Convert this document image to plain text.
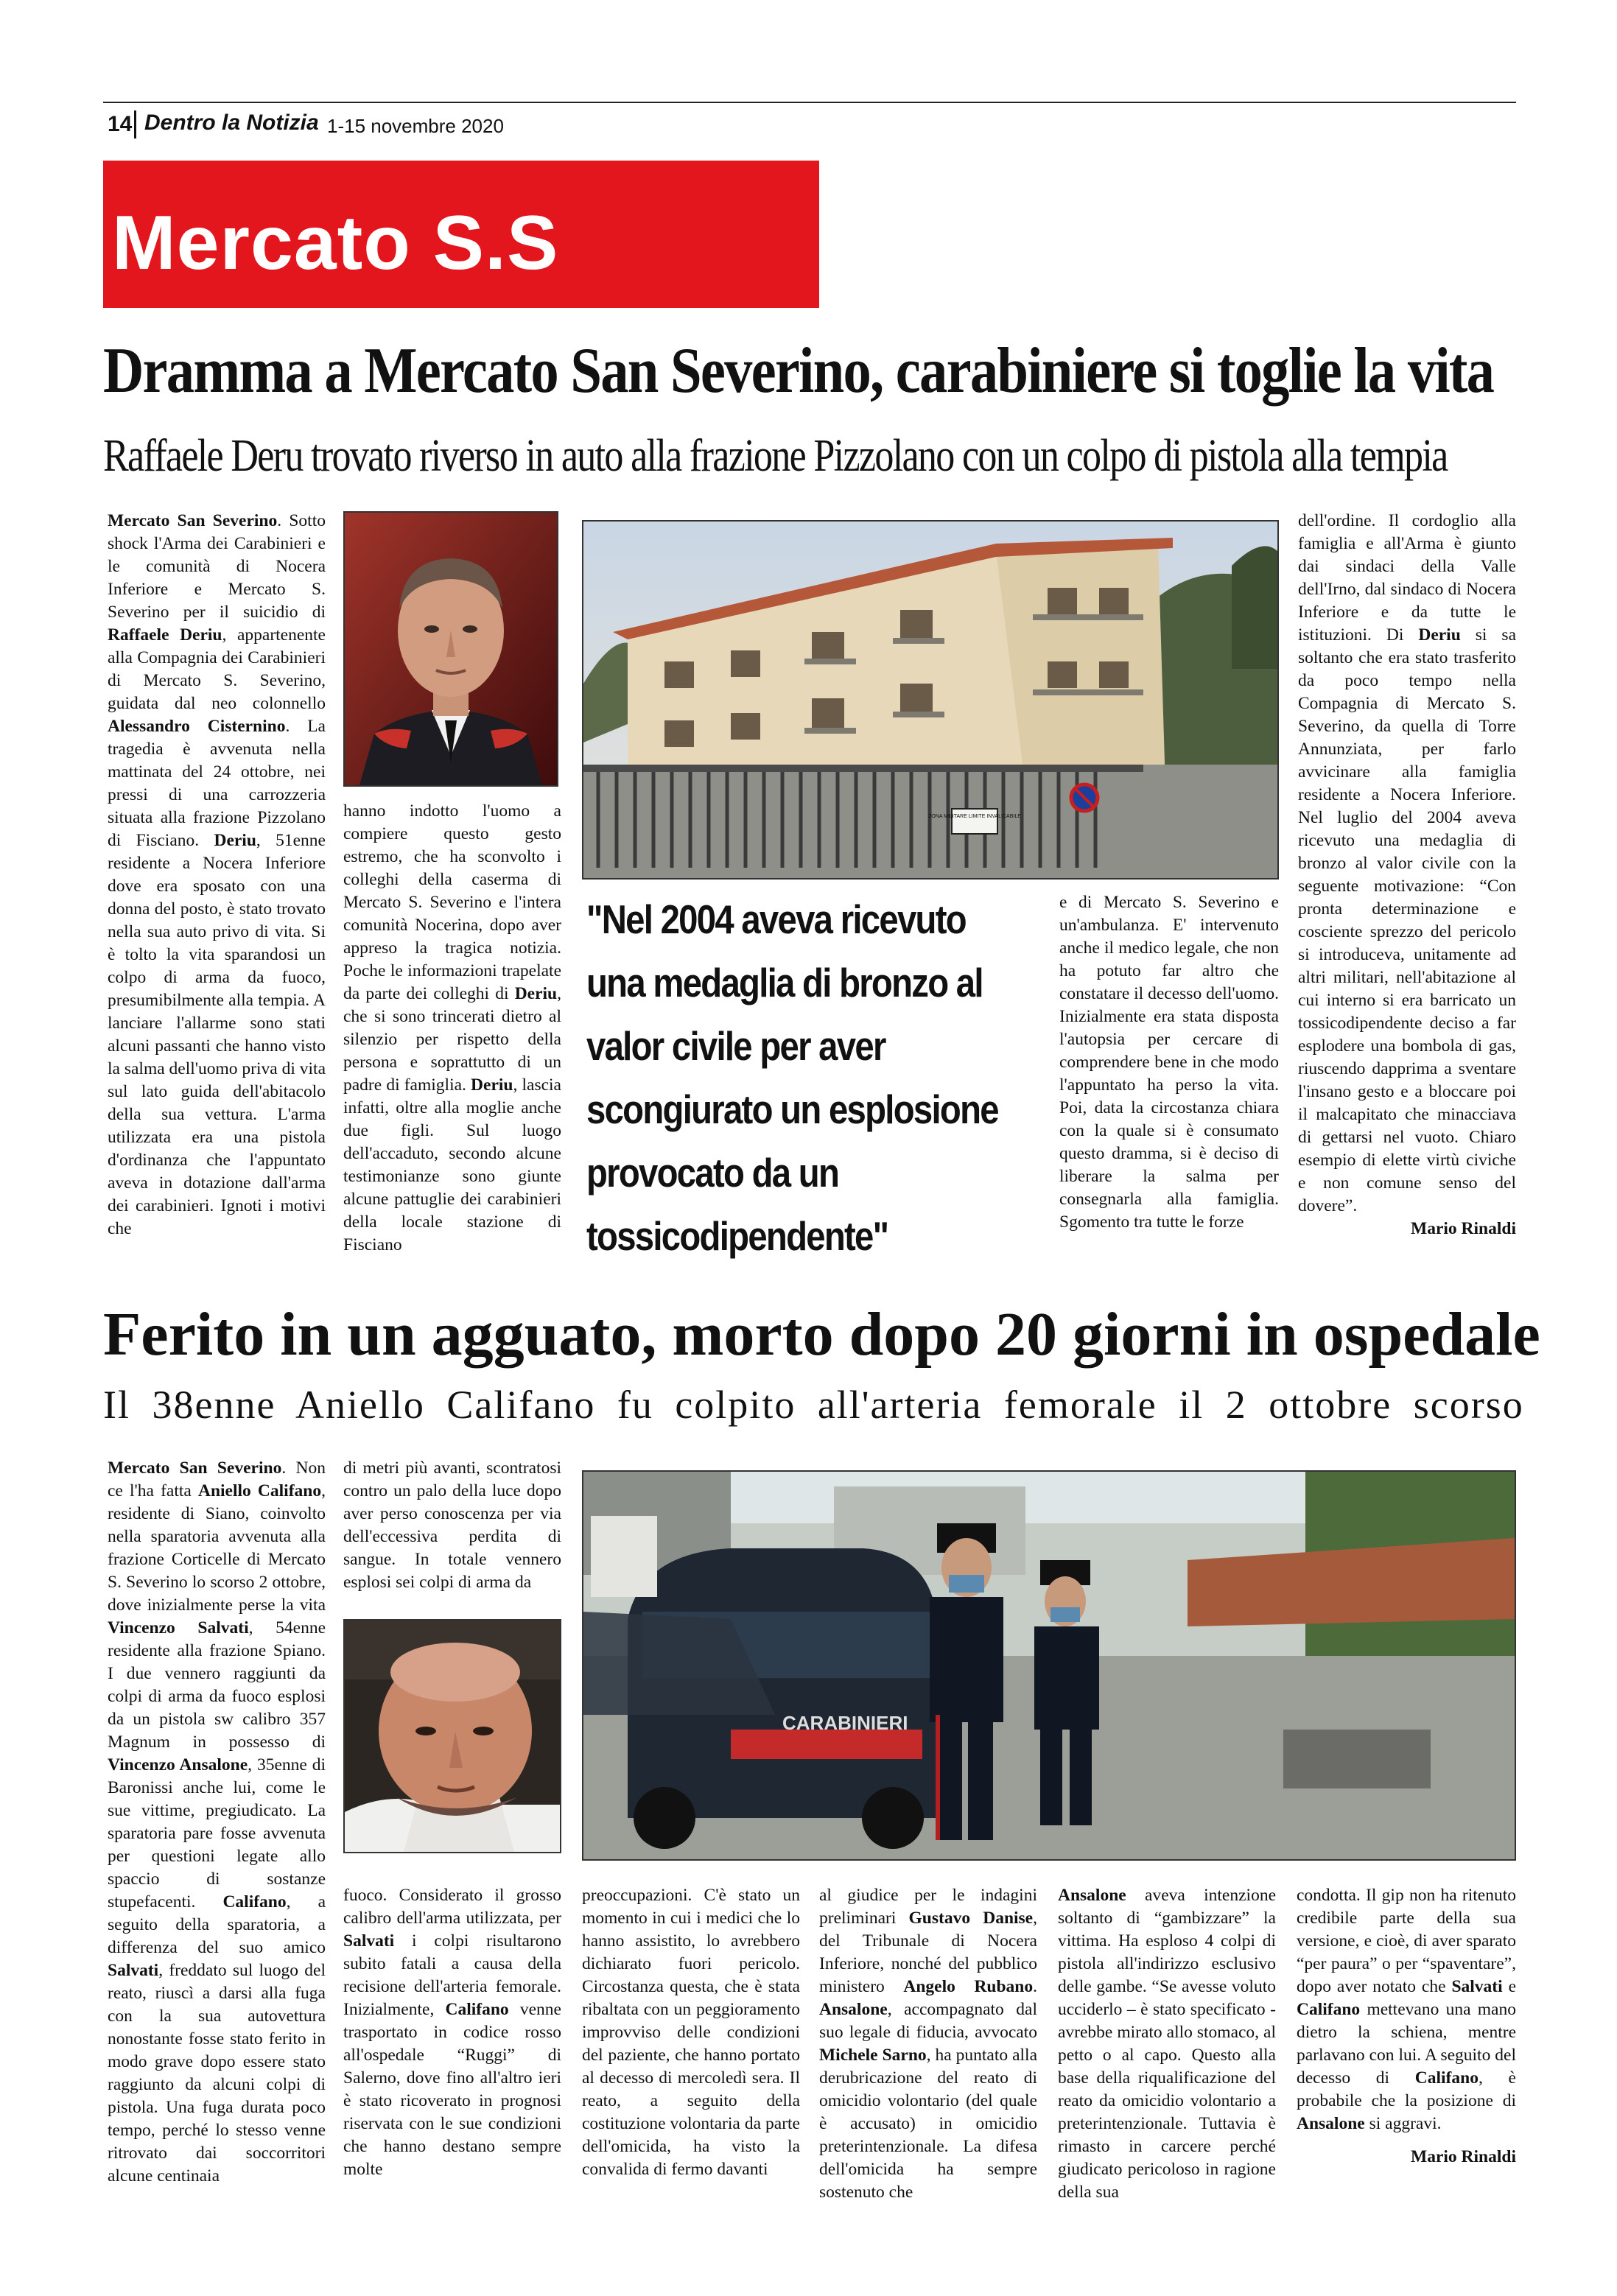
14 Dentro la Notizia 1-15 novembre 2020
Mercato S.S
Dramma a Mercato San Severino, carabiniere si toglie la vita
Raffaele Deru trovato riverso in auto alla frazione Pizzolano con un colpo di pistola alla tempia
Mercato San Severino. Sotto shock l'Arma dei Carabinieri e le comunità di Nocera Inferiore e Mercato S. Severino per il suicidio di Raffaele Deriu, appartenente alla Compagnia dei Carabinieri di Mercato S. Severino, guidata dal neo colonnello Alessandro Cisternino. La tragedia è avvenuta nella mattinata del 24 ottobre, nei pressi di una carrozzeria situata alla frazione Pizzolano di Fisciano. Deriu, 51enne residente a Nocera Inferiore dove era sposato con una donna del posto, è stato trovato nella sua auto privo di vita. Si è tolto la vita sparandosi un colpo di arma da fuoco, presumibilmente alla tempia. A lanciare l'allarme sono stati alcuni passanti che hanno visto la salma dell'uomo priva di vita sul lato guida dell'abitacolo della sua vettura. L'arma utilizzata era una pistola d'ordinanza che l'appuntato aveva in dotazione dall'arma dei carabinieri. Ignoti i motivi che
hanno indotto l'uomo a compiere questo gesto estremo, che ha sconvolto i colleghi della caserma di Mercato S. Severino e l'intera comunità Nocerina, dopo aver appreso la tragica notizia. Poche le informazioni trapelate da parte dei colleghi di Deriu, che si sono trincerati dietro al silenzio per rispetto della persona e soprattutto di un padre di famiglia. Deriu, lascia infatti, oltre alla moglie anche due figli. Sul luogo dell'accaduto, secondo alcune testimonianze sono giunte alcune pattuglie dei carabinieri della locale stazione di Fisciano
ZONA MILITARE LIMITE INVALICABILE
"Nel 2004 aveva ricevuto
una medaglia di bronzo al
valor civile per aver
scongiurato un esplosione
provocato da un
tossicodipendente"
e di Mercato S. Severino e un'ambulanza. E' intervenuto anche il medico legale, che non ha potuto far altro che constatare il decesso dell'uomo. Inizialmente era stata disposta l'autopsia per cercare di comprendere bene in che modo l'appuntato ha perso la vita. Poi, data la circostanza chiara con la quale si è consumato questo dramma, si è deciso di liberare la salma per consegnarla alla famiglia. Sgomento tra tutte le forze
dell'ordine. Il cordoglio alla famiglia e all'Arma è giunto dai sindaci della Valle dell'Irno, dal sindaco di Nocera Inferiore e da tutte le istituzioni. Di Deriu si sa soltanto che era stato trasferito da poco tempo nella Compagnia di Mercato S. Severino, da quella di Torre Annunziata, per farlo avvicinare alla famiglia residente a Nocera Inferiore. Nel luglio del 2004 aveva ricevuto una medaglia di bronzo al valor civile con la seguente motivazione: “Con pronta determinazione e cosciente sprezzo del pericolo si introduceva, unitamente ad altri militari, nell'abitazione al cui interno si era barricato un tossicodipendente deciso a far esplodere una bombola di gas, riuscendo dapprima a sventare l'insano gesto e a bloccare poi il malcapitato che minacciava di gettarsi nel vuoto. Chiaro esempio di elette virtù civiche e non comune senso del dovere”.
Mario Rinaldi
Ferito in un agguato, morto dopo 20 giorni in ospedale
Il 38enne Aniello Califano fu colpito all'arteria femorale il 2 ottobre scorso
Mercato San Severino. Non ce l'ha fatta Aniello Califano, residente di Siano, coinvolto nella sparatoria avvenuta alla frazione Corticelle di Mercato S. Severino lo scorso 2 ottobre, dove inizialmente perse la vita Vincenzo Salvati, 54enne residente alla frazione Spiano. I due vennero raggiunti da colpi di arma da fuoco esplosi da un pistola sw calibro 357 Magnum in possesso di Vincenzo Ansalone, 35enne di Baronissi anche lui, come le sue vittime, pregiudicato. La sparatoria pare fosse avvenuta per questioni legate allo spaccio di sostanze stupefacenti. Califano, a seguito della sparatoria, a differenza del suo amico Salvati, freddato sul luogo del reato, riuscì a darsi alla fuga con la sua autovettura nonostante fosse stato ferito in modo grave dopo essere stato raggiunto da alcuni colpi di pistola. Una fuga durata poco tempo, perché lo stesso venne ritrovato dai soccorritori alcune centinaia
di metri più avanti, scontratosi contro un palo della luce dopo aver perso conoscenza per via dell'eccessiva perdita di sangue. In totale vennero esplosi sei colpi di arma da
CARABINIERI
fuoco. Considerato il grosso calibro dell'arma utilizzata, per Salvati i colpi risultarono subito fatali a causa della recisione dell'arteria femorale. Inizialmente, Califano venne trasportato in codice rosso all'ospedale “Ruggi” di Salerno, dove fino all'altro ieri è stato ricoverato in prognosi riservata con le sue condizioni che hanno destano sempre molte
preoccupazioni. C'è stato un momento in cui i medici che lo hanno assistito, lo avrebbero dichiarato fuori pericolo. Circostanza questa, che è stata ribaltata con un peggioramento improvviso delle condizioni del paziente, che hanno portato al decesso di mercoledì sera. Il reato, a seguito della costituzione volontaria da parte dell'omicida, ha visto la convalida di fermo davanti
al giudice per le indagini preliminari Gustavo Danise, del Tribunale di Nocera Inferiore, nonché del pubblico ministero Angelo Rubano. Ansalone, accompagnato dal suo legale di fiducia, avvocato Michele Sarno, ha puntato alla derubricazione del reato di omicidio volontario (del quale è accusato) in omicidio preterintenzionale. La difesa dell'omicida ha sempre sostenuto che
Ansalone aveva intenzione soltanto di “gambizzare” la vittima. Ha esploso 4 colpi di pistola all'indirizzo esclusivo delle gambe. “Se avesse voluto ucciderlo – è stato specificato - avrebbe mirato allo stomaco, al petto o al capo. Questo alla base della riqualificazione del reato da omicidio volontario a preterintenzionale. Tuttavia è rimasto in carcere perché giudicato pericoloso in ragione della sua
condotta. Il gip non ha ritenuto credibile parte della sua versione, e cioè, di aver sparato “per paura” o per “spaventare”, dopo aver notato che Salvati e Califano mettevano una mano dietro la schiena, mentre parlavano con lui. A seguito del decesso di Califano, è probabile che la posizione di Ansalone si aggravi.
Mario Rinaldi
